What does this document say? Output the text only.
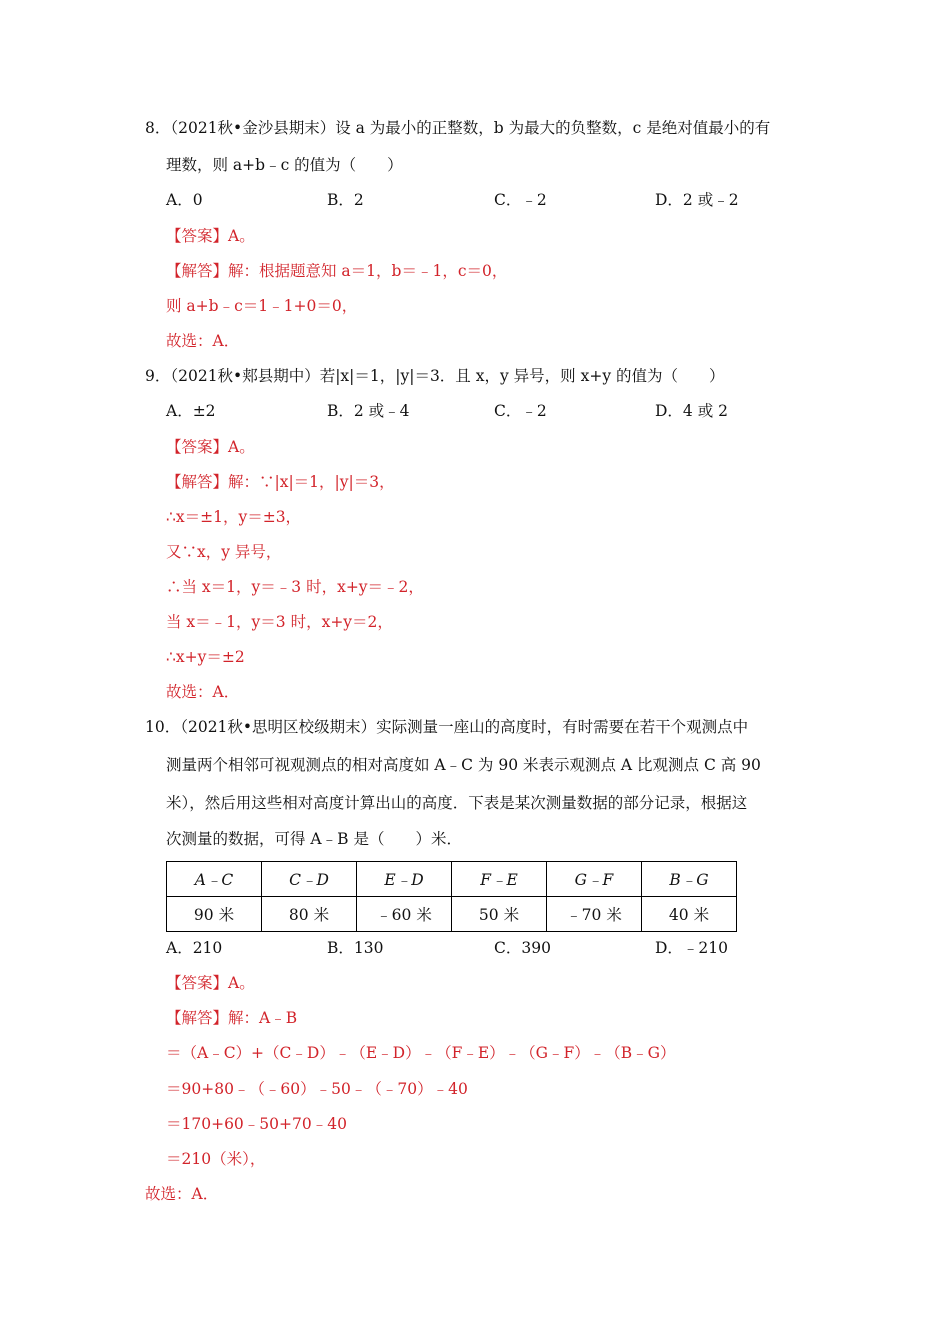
8．（2021秋•金沙县期末）设 a 为最小的正整数，b 为最大的负整数，c 是绝对值最小的有
理数，则 a+b﹣c 的值为（　　）
A．0	B．2	C．﹣2	D．2 或﹣2
【答案】A。
【解答】解：根据题意知 a＝1，b＝﹣1，c＝0，
则 a+b﹣c＝1﹣1+0＝0，
故选：A．
9．（2021秋•郏县期中）若|x|＝1，|y|＝3．且 x，y 异号，则 x+y 的值为（　　）
A．±2	B．2 或﹣4	C．﹣2	D．4 或 2
【答案】A。
【解答】解：∵|x|＝1，|y|＝3，
∴x＝±1，y＝±3，
又∵x，y 异号，
∴当 x＝1，y＝﹣3 时，x+y＝﹣2，
当 x＝﹣1，y＝3 时，x+y＝2，
∴x+y＝±2
故选：A．
10．（2021秋•思明区校级期末）实际测量一座山的高度时，有时需要在若干个观测点中
测量两个相邻可视观测点的相对高度如 A﹣C 为 90 米表示观测点 A 比观测点 C 高 90
米），然后用这些相对高度计算出山的高度．下表是某次测量数据的部分记录，根据这
次测量的数据，可得 A﹣B 是（　　）米．
A﹣C	C﹣D	E﹣D	F﹣E	G﹣F	B﹣G
90 米	80 米	﹣60 米	50 米	﹣70 米	40 米
A．210	B．130	C．390	D．﹣210
【答案】A。
【解答】解：A﹣B
＝（A﹣C）+（C﹣D）﹣（E﹣D）﹣（F﹣E）﹣（G﹣F）﹣（B﹣G）
＝90+80﹣（﹣60）﹣50﹣（﹣70）﹣40
＝170+60﹣50+70﹣40
＝210（米），
故选：A．
